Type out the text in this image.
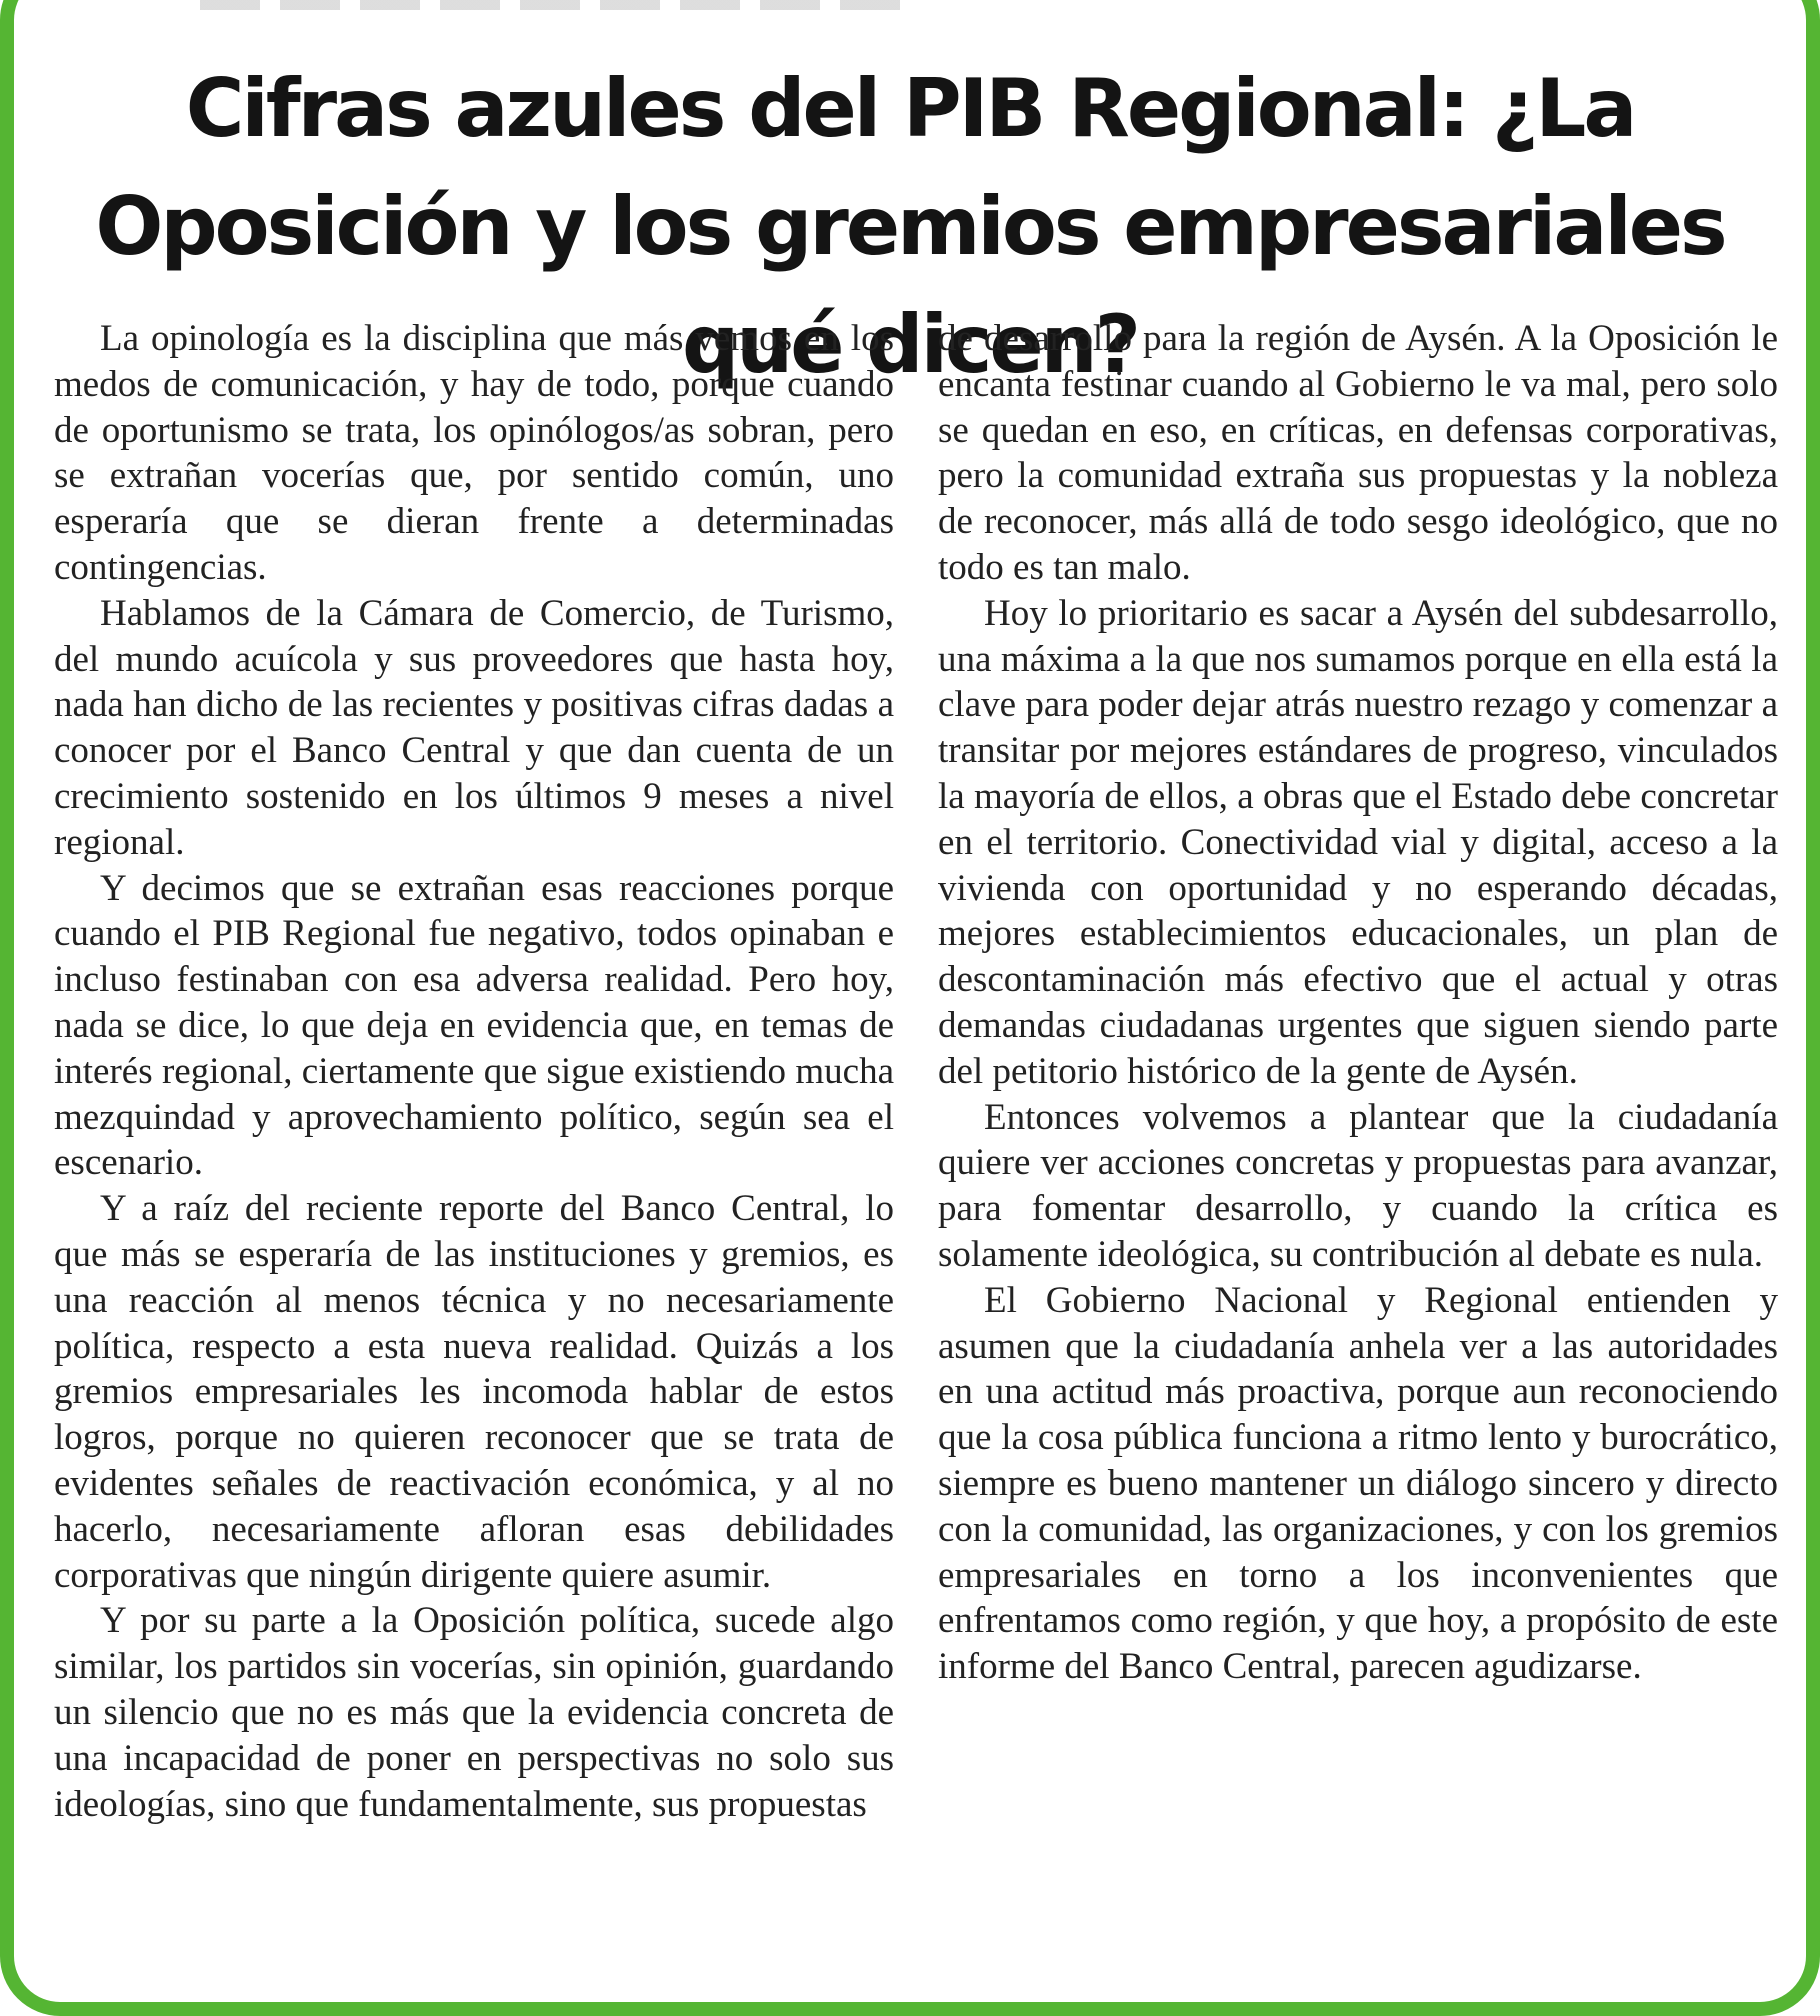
Cifras azules del PIB Regional: ¿La Oposición y los gremios empresariales qué dicen?

La opinología es la disciplina que más vemos en los medos de comunicación, y hay de todo, porque cuando de oportunismo se trata, los opinólogos/as sobran, pero se extrañan vocerías que, por sentido común, uno esperaría que se dieran frente a determinadas contingencias.

Hablamos de la Cámara de Comercio, de Turismo, del mundo acuícola y sus proveedores que hasta hoy, nada han dicho de las recientes y positivas cifras dadas a conocer por el Banco Central y que dan cuenta de un crecimiento sostenido en los últimos 9 meses a nivel regional.

Y decimos que se extrañan esas reacciones porque cuando el PIB Regional fue negativo, todos opinaban e incluso festinaban con esa adversa realidad. Pero hoy, nada se dice, lo que deja en evidencia que, en temas de interés regional, ciertamente que sigue existiendo mucha mezquindad y aprovechamiento político, según sea el escenario.

Y a raíz del reciente reporte del Banco Central, lo que más se esperaría de las instituciones y gremios, es una reacción al menos técnica y no necesariamente política, respecto a esta nueva realidad. Quizás a los gremios empresariales les incomoda hablar de estos logros, porque no quieren reconocer que se trata de evidentes señales de reactivación económica, y al no hacerlo, necesariamente afloran esas debilidades corporativas que ningún dirigente quiere asumir.

Y por su parte a la Oposición política, sucede algo similar, los partidos sin vocerías, sin opinión, guardando un silencio que no es más que la evidencia concreta de una incapacidad de poner en perspectivas no solo sus ideologías, sino que fundamentalmente, sus propuestas

de desarrollo para la región de Aysén. A la Oposición le encanta festinar cuando al Gobierno le va mal, pero solo se quedan en eso, en críticas, en defensas corporativas, pero la comunidad extraña sus propuestas y la nobleza de reconocer, más allá de todo sesgo ideológico, que no todo es tan malo.

Hoy lo prioritario es sacar a Aysén del subdesarrollo, una máxima a la que nos sumamos porque en ella está la clave para poder dejar atrás nuestro rezago y comenzar a transitar por mejores estándares de progreso, vinculados la mayoría de ellos, a obras que el Estado debe concretar en el territorio. Conectividad vial y digital, acceso a la vivienda con oportunidad y no esperando décadas, mejores establecimientos educacionales, un plan de descontaminación más efectivo que el actual y otras demandas ciudadanas urgentes que siguen siendo parte del petitorio histórico de la gente de Aysén.

Entonces volvemos a plantear que la ciudadanía quiere ver acciones concretas y propuestas para avanzar, para fomentar desarrollo, y cuando la crítica es solamente ideológica, su contribución al debate es nula.

El Gobierno Nacional y Regional entienden y asumen que la ciudadanía anhela ver a las autoridades en una actitud más proactiva, porque aun reconociendo que la cosa pública funciona a ritmo lento y burocrático, siempre es bueno mantener un diálogo sincero y directo con la comunidad, las organizaciones, y con los gremios empresariales en torno a los inconvenientes que enfrentamos como región, y que hoy, a propósito de este informe del Banco Central, parecen agudizarse.
